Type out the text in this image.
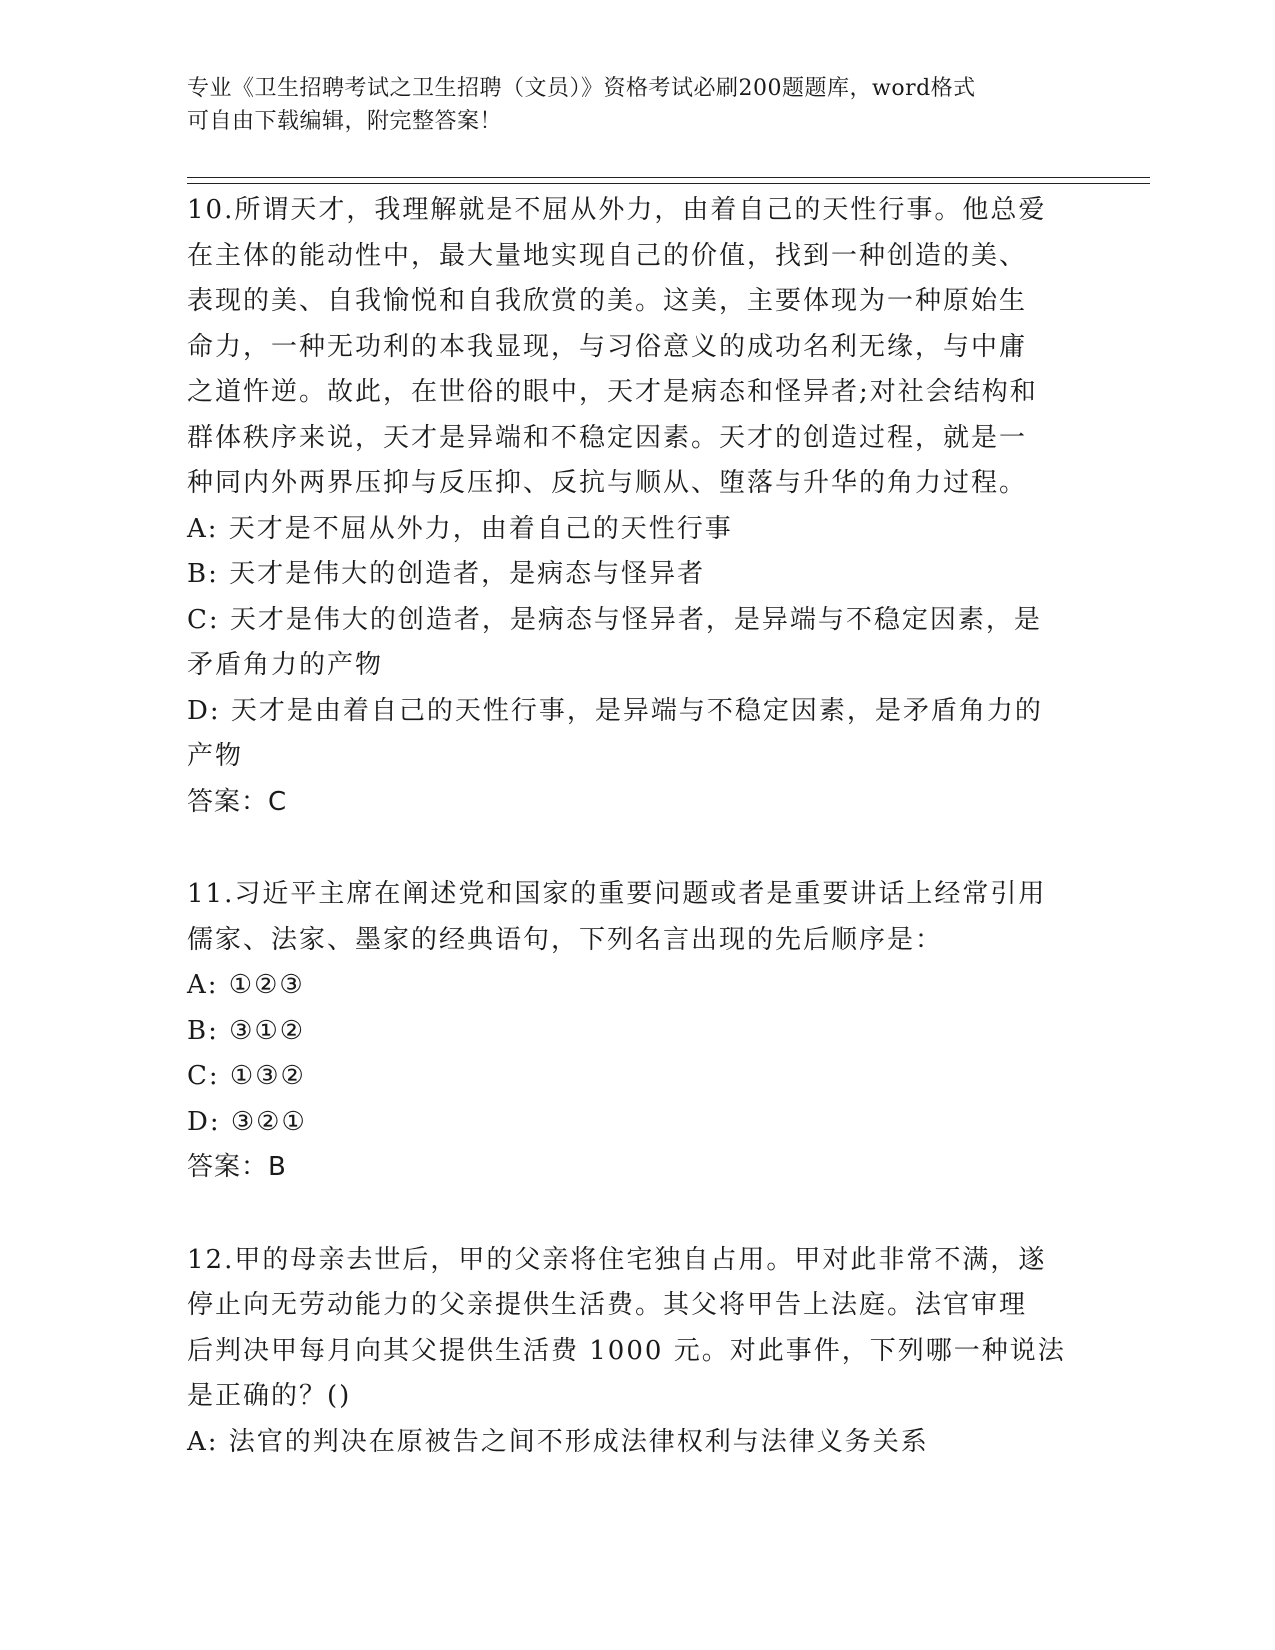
专业《卫生招聘考试之卫生招聘（文员）》资格考试必刷200题题库，word格式
可自由下载编辑，附完整答案！

10.所谓天才，我理解就是不屈从外力，由着自己的天性行事。他总爱

在主体的能动性中，最大量地实现自己的价值，找到一种创造的美、

表现的美、自我愉悦和自我欣赏的美。这美，主要体现为一种原始生

命力，一种无功利的本我显现，与习俗意义的成功名利无缘，与中庸

之道忤逆。故此，在世俗的眼中，天才是病态和怪异者;对社会结构和

群体秩序来说，天才是异端和不稳定因素。天才的创造过程，就是一

种同内外两界压抑与反压抑、反抗与顺从、堕落与升华的角力过程。

A: 天才是不屈从外力，由着自己的天性行事

B: 天才是伟大的创造者，是病态与怪异者

C: 天才是伟大的创造者，是病态与怪异者，是异端与不稳定因素，是

矛盾角力的产物

D: 天才是由着自己的天性行事，是异端与不稳定因素，是矛盾角力的

产物

答案：C

11.习近平主席在阐述党和国家的重要问题或者是重要讲话上经常引用

儒家、法家、墨家的经典语句，下列名言出现的先后顺序是：

A: ①②③

B: ③①②

C: ①③②

D: ③②①

答案：B

12.甲的母亲去世后，甲的父亲将住宅独自占用。甲对此非常不满，遂

停止向无劳动能力的父亲提供生活费。其父将甲告上法庭。法官审理

后判决甲每月向其父提供生活费 1000 元。对此事件，下列哪一种说法

是正确的？()

A: 法官的判决在原被告之间不形成法律权利与法律义务关系
